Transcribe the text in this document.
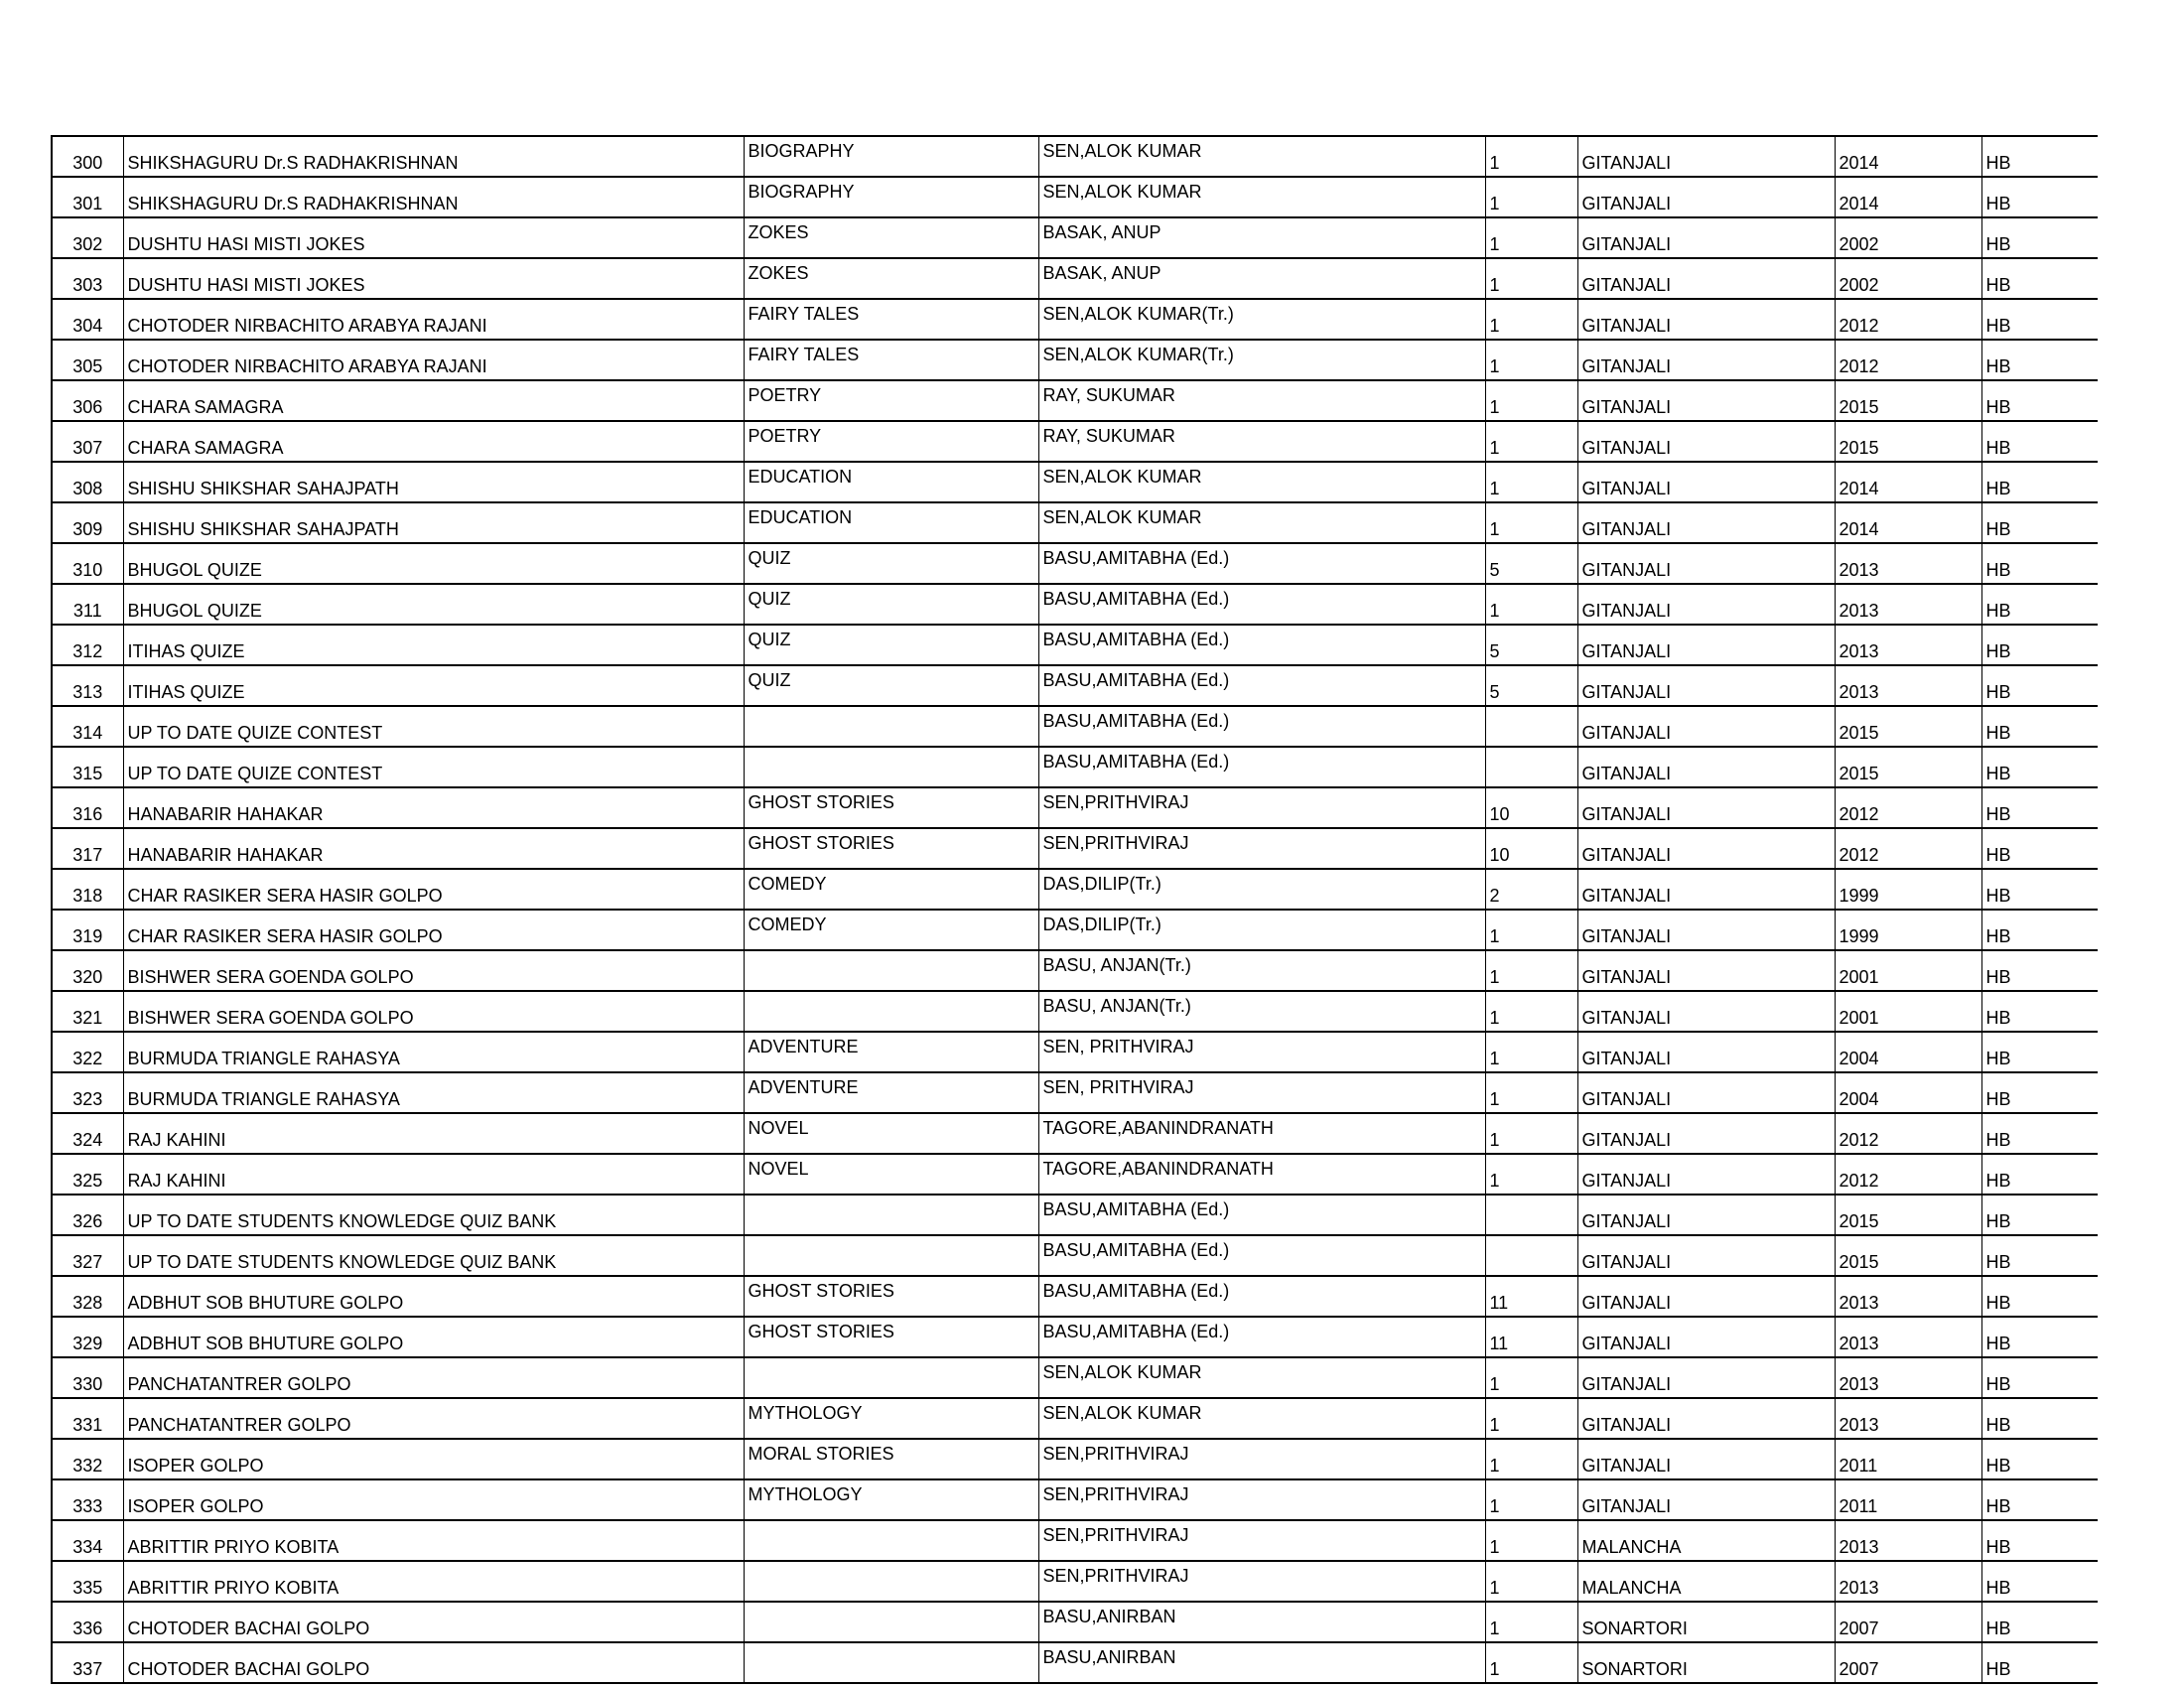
300	SHIKSHAGURU Dr.S RADHAKRISHNAN	BIOGRAPHY	SEN,ALOK KUMAR	1	GITANJALI	2014	HB
301	SHIKSHAGURU Dr.S RADHAKRISHNAN	BIOGRAPHY	SEN,ALOK KUMAR	1	GITANJALI	2014	HB
302	DUSHTU HASI MISTI JOKES	ZOKES	BASAK, ANUP	1	GITANJALI	2002	HB
303	DUSHTU HASI MISTI JOKES	ZOKES	BASAK, ANUP	1	GITANJALI	2002	HB
304	CHOTODER NIRBACHITO ARABYA RAJANI	FAIRY TALES	SEN,ALOK KUMAR(Tr.)	1	GITANJALI	2012	HB
305	CHOTODER NIRBACHITO ARABYA RAJANI	FAIRY TALES	SEN,ALOK KUMAR(Tr.)	1	GITANJALI	2012	HB
306	CHARA SAMAGRA	POETRY	RAY, SUKUMAR	1	GITANJALI	2015	HB
307	CHARA SAMAGRA	POETRY	RAY, SUKUMAR	1	GITANJALI	2015	HB
308	SHISHU SHIKSHAR SAHAJPATH	EDUCATION	SEN,ALOK KUMAR	1	GITANJALI	2014	HB
309	SHISHU SHIKSHAR SAHAJPATH	EDUCATION	SEN,ALOK KUMAR	1	GITANJALI	2014	HB
310	BHUGOL QUIZE	QUIZ	BASU,AMITABHA (Ed.)	5	GITANJALI	2013	HB
311	BHUGOL QUIZE	QUIZ	BASU,AMITABHA (Ed.)	1	GITANJALI	2013	HB
312	ITIHAS QUIZE	QUIZ	BASU,AMITABHA (Ed.)	5	GITANJALI	2013	HB
313	ITIHAS QUIZE	QUIZ	BASU,AMITABHA (Ed.)	5	GITANJALI	2013	HB
314	UP TO DATE QUIZE CONTEST		BASU,AMITABHA (Ed.)		GITANJALI	2015	HB
315	UP TO DATE QUIZE CONTEST		BASU,AMITABHA (Ed.)		GITANJALI	2015	HB
316	HANABARIR HAHAKAR	GHOST STORIES	SEN,PRITHVIRAJ	10	GITANJALI	2012	HB
317	HANABARIR HAHAKAR	GHOST STORIES	SEN,PRITHVIRAJ	10	GITANJALI	2012	HB
318	CHAR RASIKER SERA HASIR GOLPO	COMEDY	DAS,DILIP(Tr.)	2	GITANJALI	1999	HB
319	CHAR RASIKER SERA HASIR GOLPO	COMEDY	DAS,DILIP(Tr.)	1	GITANJALI	1999	HB
320	BISHWER SERA GOENDA GOLPO		BASU, ANJAN(Tr.)	1	GITANJALI	2001	HB
321	BISHWER SERA GOENDA GOLPO		BASU, ANJAN(Tr.)	1	GITANJALI	2001	HB
322	BURMUDA TRIANGLE RAHASYA	ADVENTURE	SEN, PRITHVIRAJ	1	GITANJALI	2004	HB
323	BURMUDA TRIANGLE RAHASYA	ADVENTURE	SEN, PRITHVIRAJ	1	GITANJALI	2004	HB
324	RAJ KAHINI	NOVEL	TAGORE,ABANINDRANATH	1	GITANJALI	2012	HB
325	RAJ KAHINI	NOVEL	TAGORE,ABANINDRANATH	1	GITANJALI	2012	HB
326	UP TO DATE STUDENTS KNOWLEDGE QUIZ BANK		BASU,AMITABHA (Ed.)		GITANJALI	2015	HB
327	UP TO DATE STUDENTS KNOWLEDGE QUIZ BANK		BASU,AMITABHA (Ed.)		GITANJALI	2015	HB
328	ADBHUT SOB BHUTURE GOLPO	GHOST STORIES	BASU,AMITABHA (Ed.)	11	GITANJALI	2013	HB
329	ADBHUT SOB BHUTURE GOLPO	GHOST STORIES	BASU,AMITABHA (Ed.)	11	GITANJALI	2013	HB
330	PANCHATANTRER GOLPO		SEN,ALOK KUMAR	1	GITANJALI	2013	HB
331	PANCHATANTRER GOLPO	MYTHOLOGY	SEN,ALOK KUMAR	1	GITANJALI	2013	HB
332	ISOPER GOLPO	MORAL STORIES	SEN,PRITHVIRAJ	1	GITANJALI	2011	HB
333	ISOPER GOLPO	MYTHOLOGY	SEN,PRITHVIRAJ	1	GITANJALI	2011	HB
334	ABRITTIR PRIYO KOBITA		SEN,PRITHVIRAJ	1	MALANCHA	2013	HB
335	ABRITTIR PRIYO KOBITA		SEN,PRITHVIRAJ	1	MALANCHA	2013	HB
336	CHOTODER BACHAI GOLPO		BASU,ANIRBAN	1	SONARTORI	2007	HB
337	CHOTODER BACHAI GOLPO		BASU,ANIRBAN	1	SONARTORI	2007	HB
